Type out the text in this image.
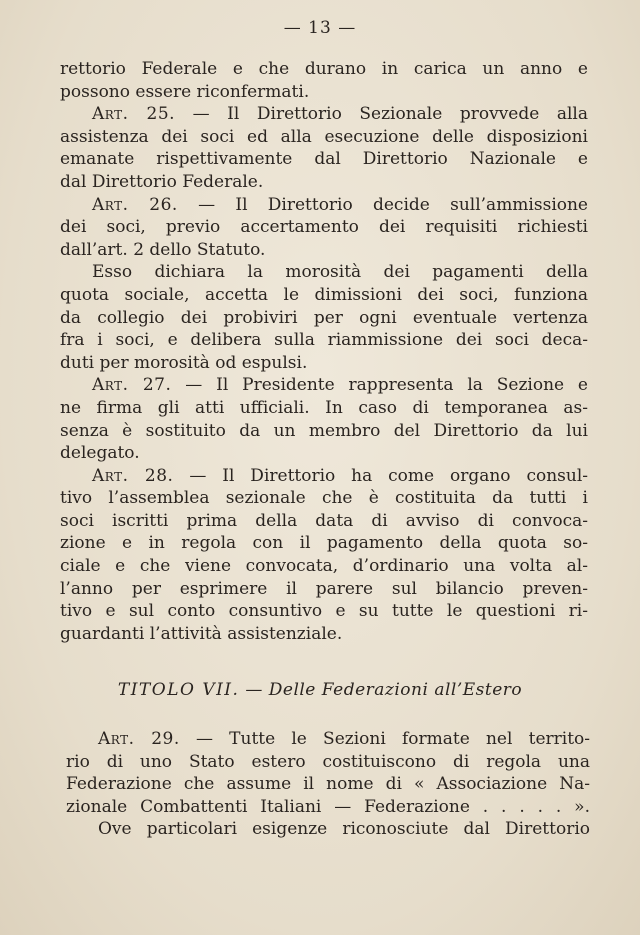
— 13 —
rettorio Federale e che durano in carica un anno e
possono essere riconfermati.
Art. 25. — Il Direttorio Sezionale provvede alla
assistenza dei soci ed alla esecuzione delle disposizioni
emanate rispettivamente dal Direttorio Nazionale e
dal Direttorio Federale.
Art. 26. — Il Direttorio decide sull’ammissione
dei soci, previo accertamento dei requisiti richiesti
dall’art. 2 dello Statuto.
Esso dichiara la morosità dei pagamenti della
quota sociale, accetta le dimissioni dei soci, funziona
da collegio dei probiviri per ogni eventuale vertenza
fra i soci, e delibera sulla riammissione dei soci deca-
duti per morosità od espulsi.
Art. 27. — Il Presidente rappresenta la Sezione e
ne firma gli atti ufficiali. In caso di temporanea as-
senza è sostituito da un membro del Direttorio da lui
delegato.
Art. 28. — Il Direttorio ha come organo consul-
tivo l’assemblea sezionale che è costituita da tutti i
soci iscritti prima della data di avviso di convoca-
zione e in regola con il pagamento della quota so-
ciale e che viene convocata, d’ordinario una volta al-
l’anno per esprimere il parere sul bilancio preven-
tivo e sul conto consuntivo e su tutte le questioni ri-
guardanti l’attività assistenziale.
TITOLO VII. — Delle Federazioni all’Estero
Art. 29. — Tutte le Sezioni formate nel territo-
rio di uno Stato estero costituiscono di regola una
Federazione che assume il nome di « Associazione Na-
zionale Combattenti Italiani — Federazione . . . . . ».
Ove particolari esigenze riconosciute dal Direttorio
